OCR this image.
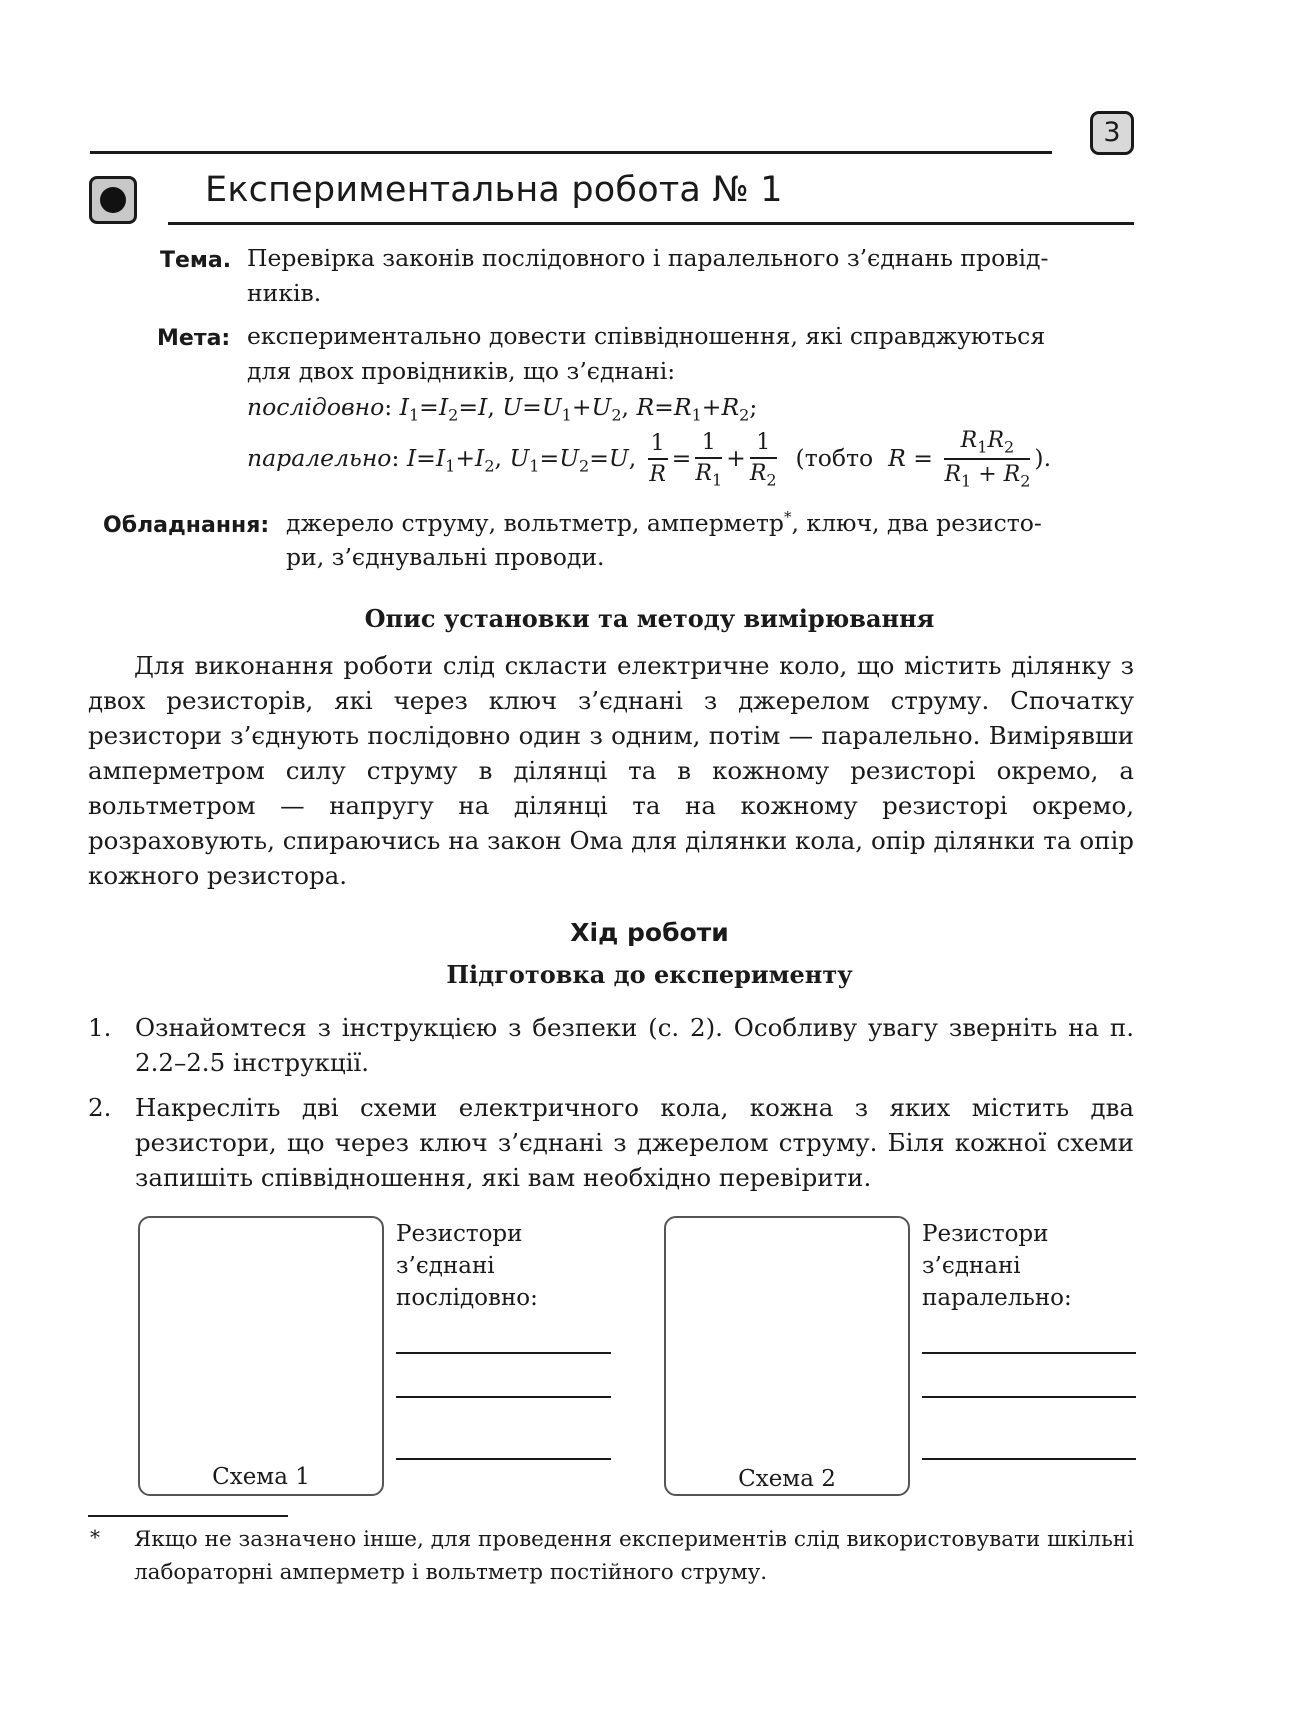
3
Експериментальна робота № 1
Тема. Перевірка законів послідовного і паралельного з’єднань провід-
ників.
Мета: експериментально довести співвідношення, які справджуються
для двох провідників, що з’єднані:
послідовно: $I_1=I_2=I$, $U=U_1+U_2$, $R=R_1+R_2$;
паралельно: $I=I_1+I_2$, $U_1=U_2=U$, $\frac{1}{R} = \frac{1}{R_1} + \frac{1}{R_2}$ (тобто $R = \frac{R_1R_2}{R_1 + R_2}$ ).
Обладнання: джерело струму, вольтметр, амперметр*, ключ, два резисто-
ри, з’єднувальні проводи.
Опис установки та методу вимірювання
Для виконання роботи слід скласти електричне коло, що містить ділянку з двох резисторів, які через ключ з’єднані з джерелом струму. Спочатку резистори з’єднують послідовно один з одним, потім — паралельно. Вимірявши амперметром силу струму в ділянці та в кожному резисторі окремо, а вольтметром — напругу на ділянці та на кожному резисторі окремо, розраховують, спираючись на закон Ома для ділянки кола, опір ділянки та опір кожного резистора.
Хід роботи
Підготовка до експерименту
1. Ознайомтеся з інструкцією з безпеки (с. 2). Особливу увагу зверніть на п. 2.2–2.5 інструкції.
2. Накресліть дві схеми електричного кола, кожна з яких містить два резистори, що через ключ з’єднані з джерелом струму. Біля кожної схеми запишіть співвідношення, які вам необхідно перевірити.
Схема 1
Резистори
з’єднані
послідовно:
Схема 2
Резистори
з’єднані
паралельно:
* Якщо не зазначено інше, для проведення експериментів слід використовувати шкільні лабораторні амперметр і вольтметр постійного струму.
